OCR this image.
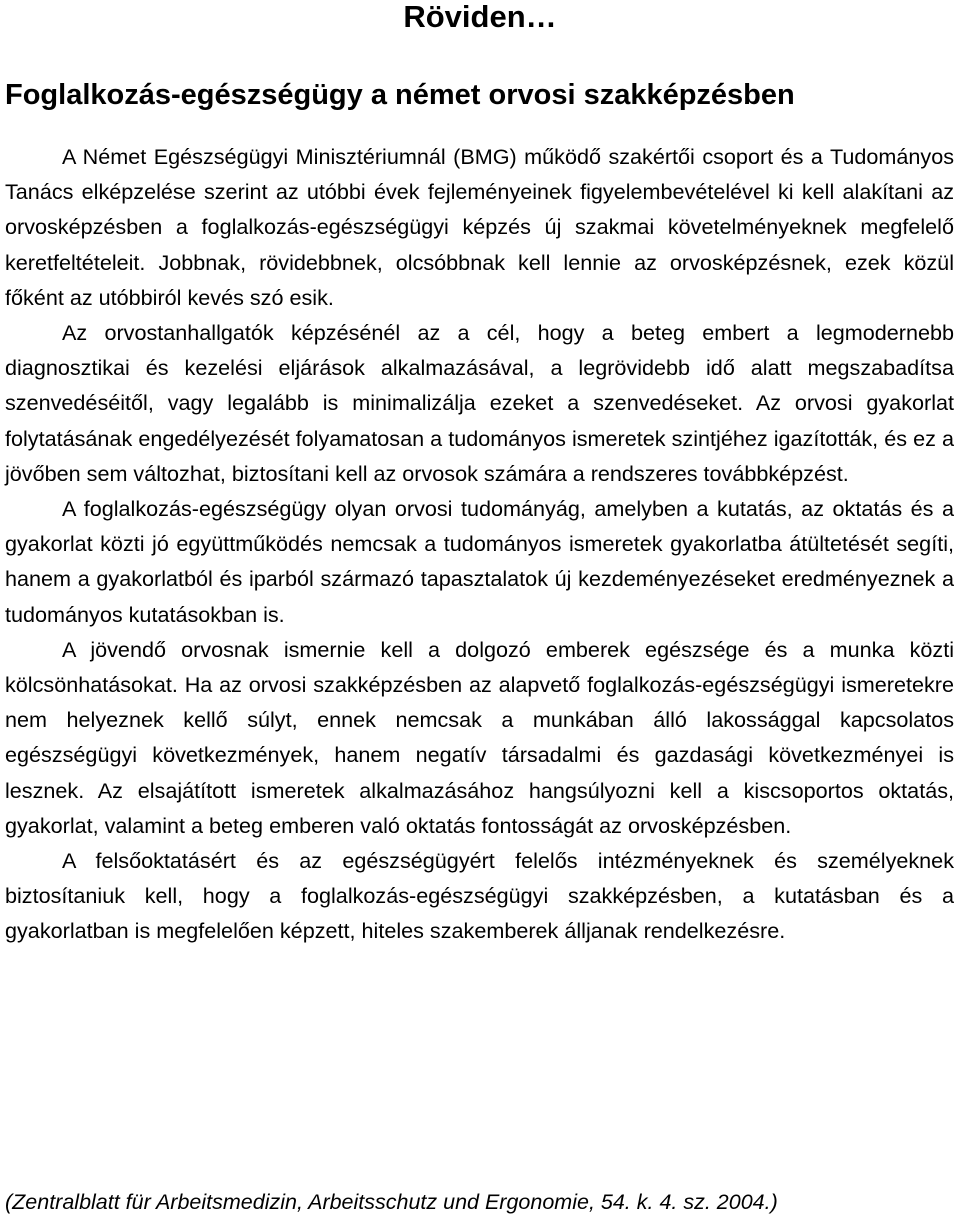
Röviden…
Foglalkozás-egészségügy a német orvosi szakképzésben

A Német Egészségügyi Minisztériumnál (BMG) működő szakértői csoport és a Tudományos Tanács elképzelése szerint az utóbbi évek fejleményeinek figyelembevételével ki kell alakítani az orvosképzésben a foglalkozás-egészségügyi képzés új szakmai követelményeknek megfelelő keretfeltételeit. Jobbnak, rövidebbnek, olcsóbbnak kell lennie az orvosképzésnek, ezek közül főként az utóbbiról kevés szó esik.

Az orvostanhallgatók képzésénél az a cél, hogy a beteg embert a legmodernebb diagnosztikai és kezelési eljárások alkalmazásával, a legrövidebb idő alatt megszabadítsa szenvedéséitől, vagy legalább is minimalizálja ezeket a szenvedéseket. Az orvosi gyakorlat folytatásának engedélyezését folyamatosan a tudományos ismeretek szintjéhez igazították, és ez a jövőben sem változhat, biztosítani kell az orvosok számára a rendszeres továbbképzést.

A foglalkozás-egészségügy olyan orvosi tudományág, amelyben a kutatás, az oktatás és a gyakorlat közti jó együttműködés nemcsak a tudományos ismeretek gyakorlatba átültetését segíti, hanem a gyakorlatból és iparból származó tapasztalatok új kezdeményezéseket eredményeznek a tudományos kutatásokban is.

A jövendő orvosnak ismernie kell a dolgozó emberek egészsége és a munka közti kölcsönhatásokat. Ha az orvosi szakképzésben az alapvető foglalkozás-egészségügyi ismeretekre nem helyeznek kellő súlyt, ennek nemcsak a munkában álló lakossággal kapcsolatos egészségügyi következmények, hanem negatív társadalmi és gazdasági következményei is lesznek. Az elsajátított ismeretek alkalmazásához hangsúlyozni kell a kiscsoportos oktatás, gyakorlat, valamint a beteg emberen való oktatás fontosságát az orvosképzésben.

A felsőoktatásért és az egészségügyért felelős intézményeknek és személyeknek biztosítaniuk kell, hogy a foglalkozás-egészségügyi szakképzésben, a kutatásban és a gyakorlatban is megfelelően képzett, hiteles szakemberek álljanak rendelkezésre.

(Zentralblatt für Arbeitsmedizin, Arbeitsschutz und Ergonomie, 54. k. 4. sz. 2004.)
